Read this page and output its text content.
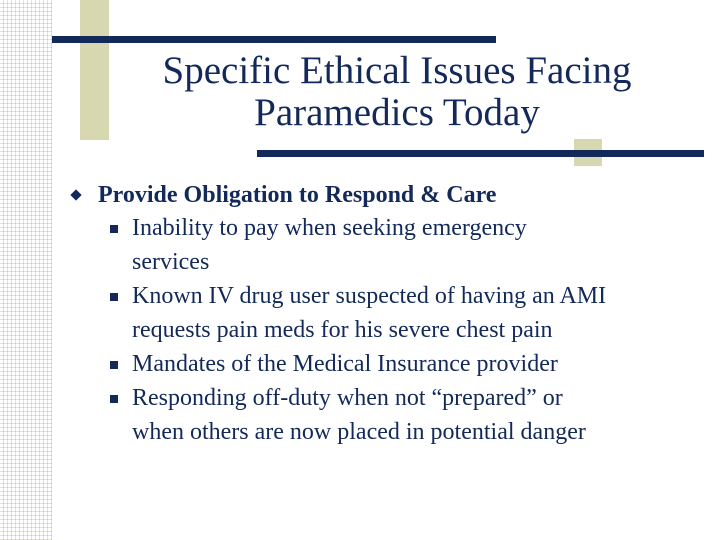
Specific Ethical Issues Facing
Paramedics Today
Provide Obligation to Respond & Care
Inability to pay when seeking emergency
services
Known IV drug user suspected of having an AMI
requests pain meds for his severe chest pain
Mandates of the Medical Insurance provider
Responding off-duty when not “prepared” or
when others are now placed in potential danger
